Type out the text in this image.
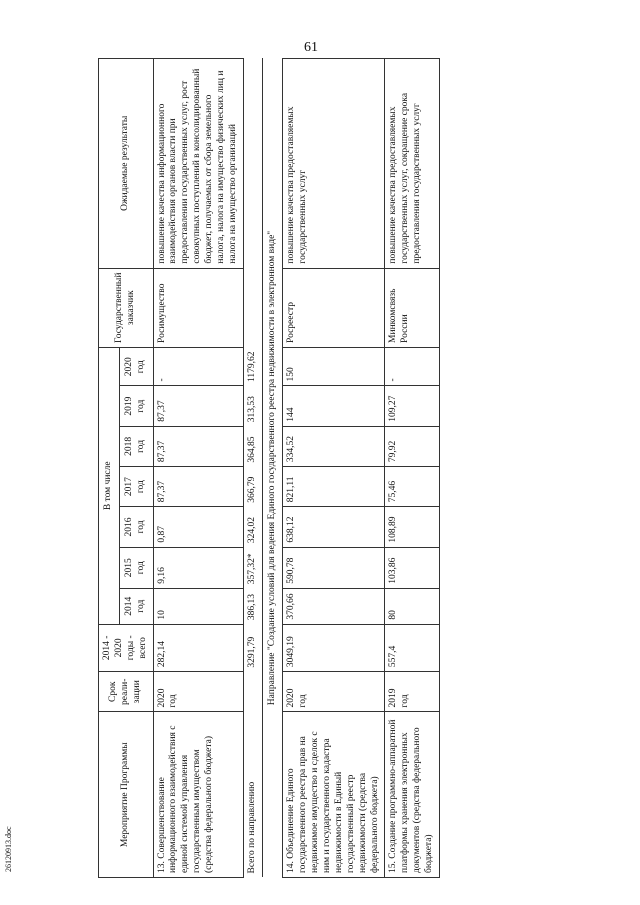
61
26120913.doc
Мероприятие Программы	Срок реали-зации	2014 - 2020 годы - всего	В том числе							Государственный заказчик	Ожидаемые результаты
			2014 год	2015 год	2016 год	2017 год	2018 год	2019 год	2020 год		
13. Совершенствование информационного взаимодействия с единой системой управления государственным имуществом (средства федерального бюджета)	2020 год	282,14	10	9,16	0,87	87,37	87,37	87,37	-	Росимущество	повышение качества информационного взаимодействия органов власти при предоставлении государственных услуг, рост совокупных поступлений в консолидированный бюджет, получаемых от сбора земельного налога, налога на имущество физических лиц и налога на имущество организаций
Всего по направлению		3291,79	386,13	357,32*	324,02	366,79	364,85	313,53	1179,62		
Направление "Создание условий для ведения Единого государственного реестра недвижимости в электронном виде"											
14. Объединение Единого государственного реестра прав на недвижимое имущество и сделок с ним и государственного кадастра недвижимости в Единый государственный реестр недвижимости (средства федерального бюджета)	2020 год	3049,19	370,66	590,78	638,12	821,11	334,52	144	150	Росреестр	повышение качества предоставляемых государственных услуг
15. Создание программно-аппаратной платформы хранения электронных документов (средства федерального бюджета)	2019 год	557,4	80	103,86	108,89	75,46	79,92	109,27	-	Минкомсвязь России	повышение качества предоставляемых государственных услуг, сокращение срока предоставления государственных услуг
